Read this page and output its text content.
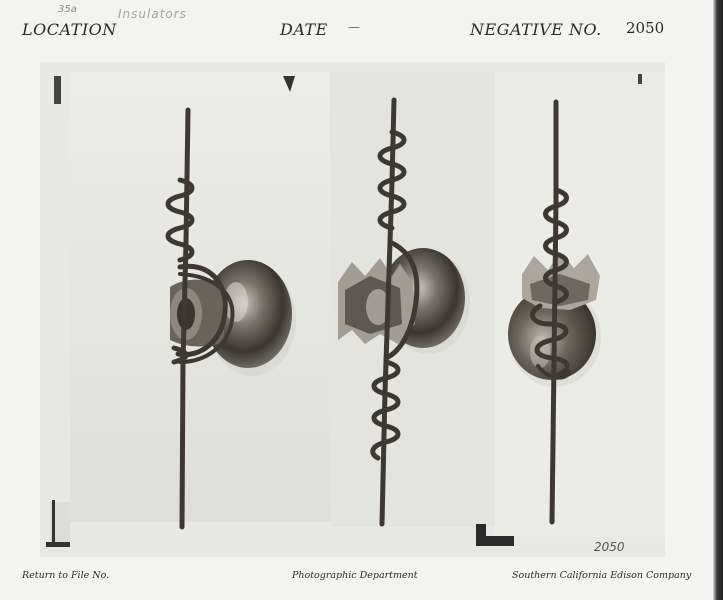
35a	Insulators
LOCATION	DATE —	NEGATIVE NO. 2050
2050
Return to File No.	Photographic Department	Southern California Edison Company
